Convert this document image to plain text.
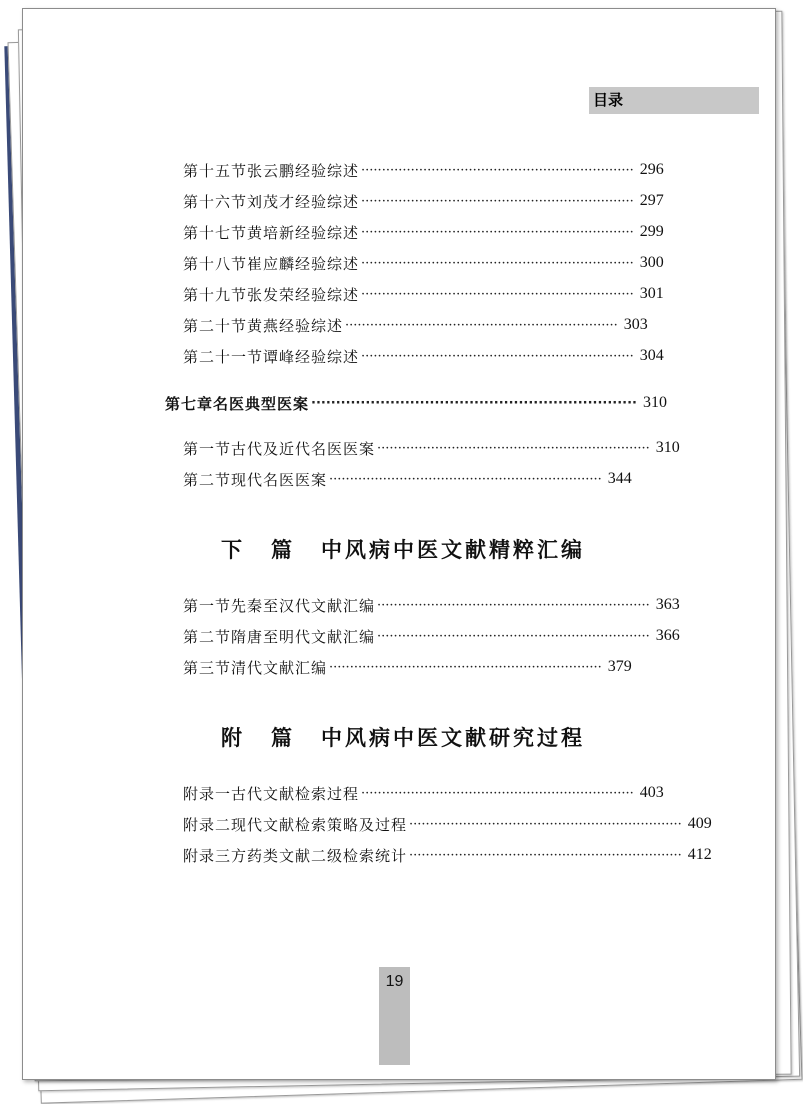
目录
第十五节 张云鹏经验综述 ·································································· 296
第十六节 刘茂才经验综述 ·································································· 297
第十七节 黄培新经验综述 ·································································· 299
第十八节 崔应麟经验综述 ·································································· 300
第十九节 张发荣经验综述 ·································································· 301
第二十节 黄燕经验综述 ·································································· 303
第二十一节 谭峰经验综述 ·································································· 304
第七章 名医典型医案 ·································································· 310
第一节 古代及近代名医医案 ·································································· 310
第二节 现代名医医案 ·································································· 344
下 篇 中风病中医文献精粹汇编
第一节 先秦至汉代文献汇编 ·································································· 363
第二节 隋唐至明代文献汇编 ·································································· 366
第三节 清代文献汇编 ·································································· 379
附 篇 中风病中医文献研究过程
附录一 古代文献检索过程 ·································································· 403
附录二 现代文献检索策略及过程 ·································································· 409
附录三 方药类文献二级检索统计 ·································································· 412
19
